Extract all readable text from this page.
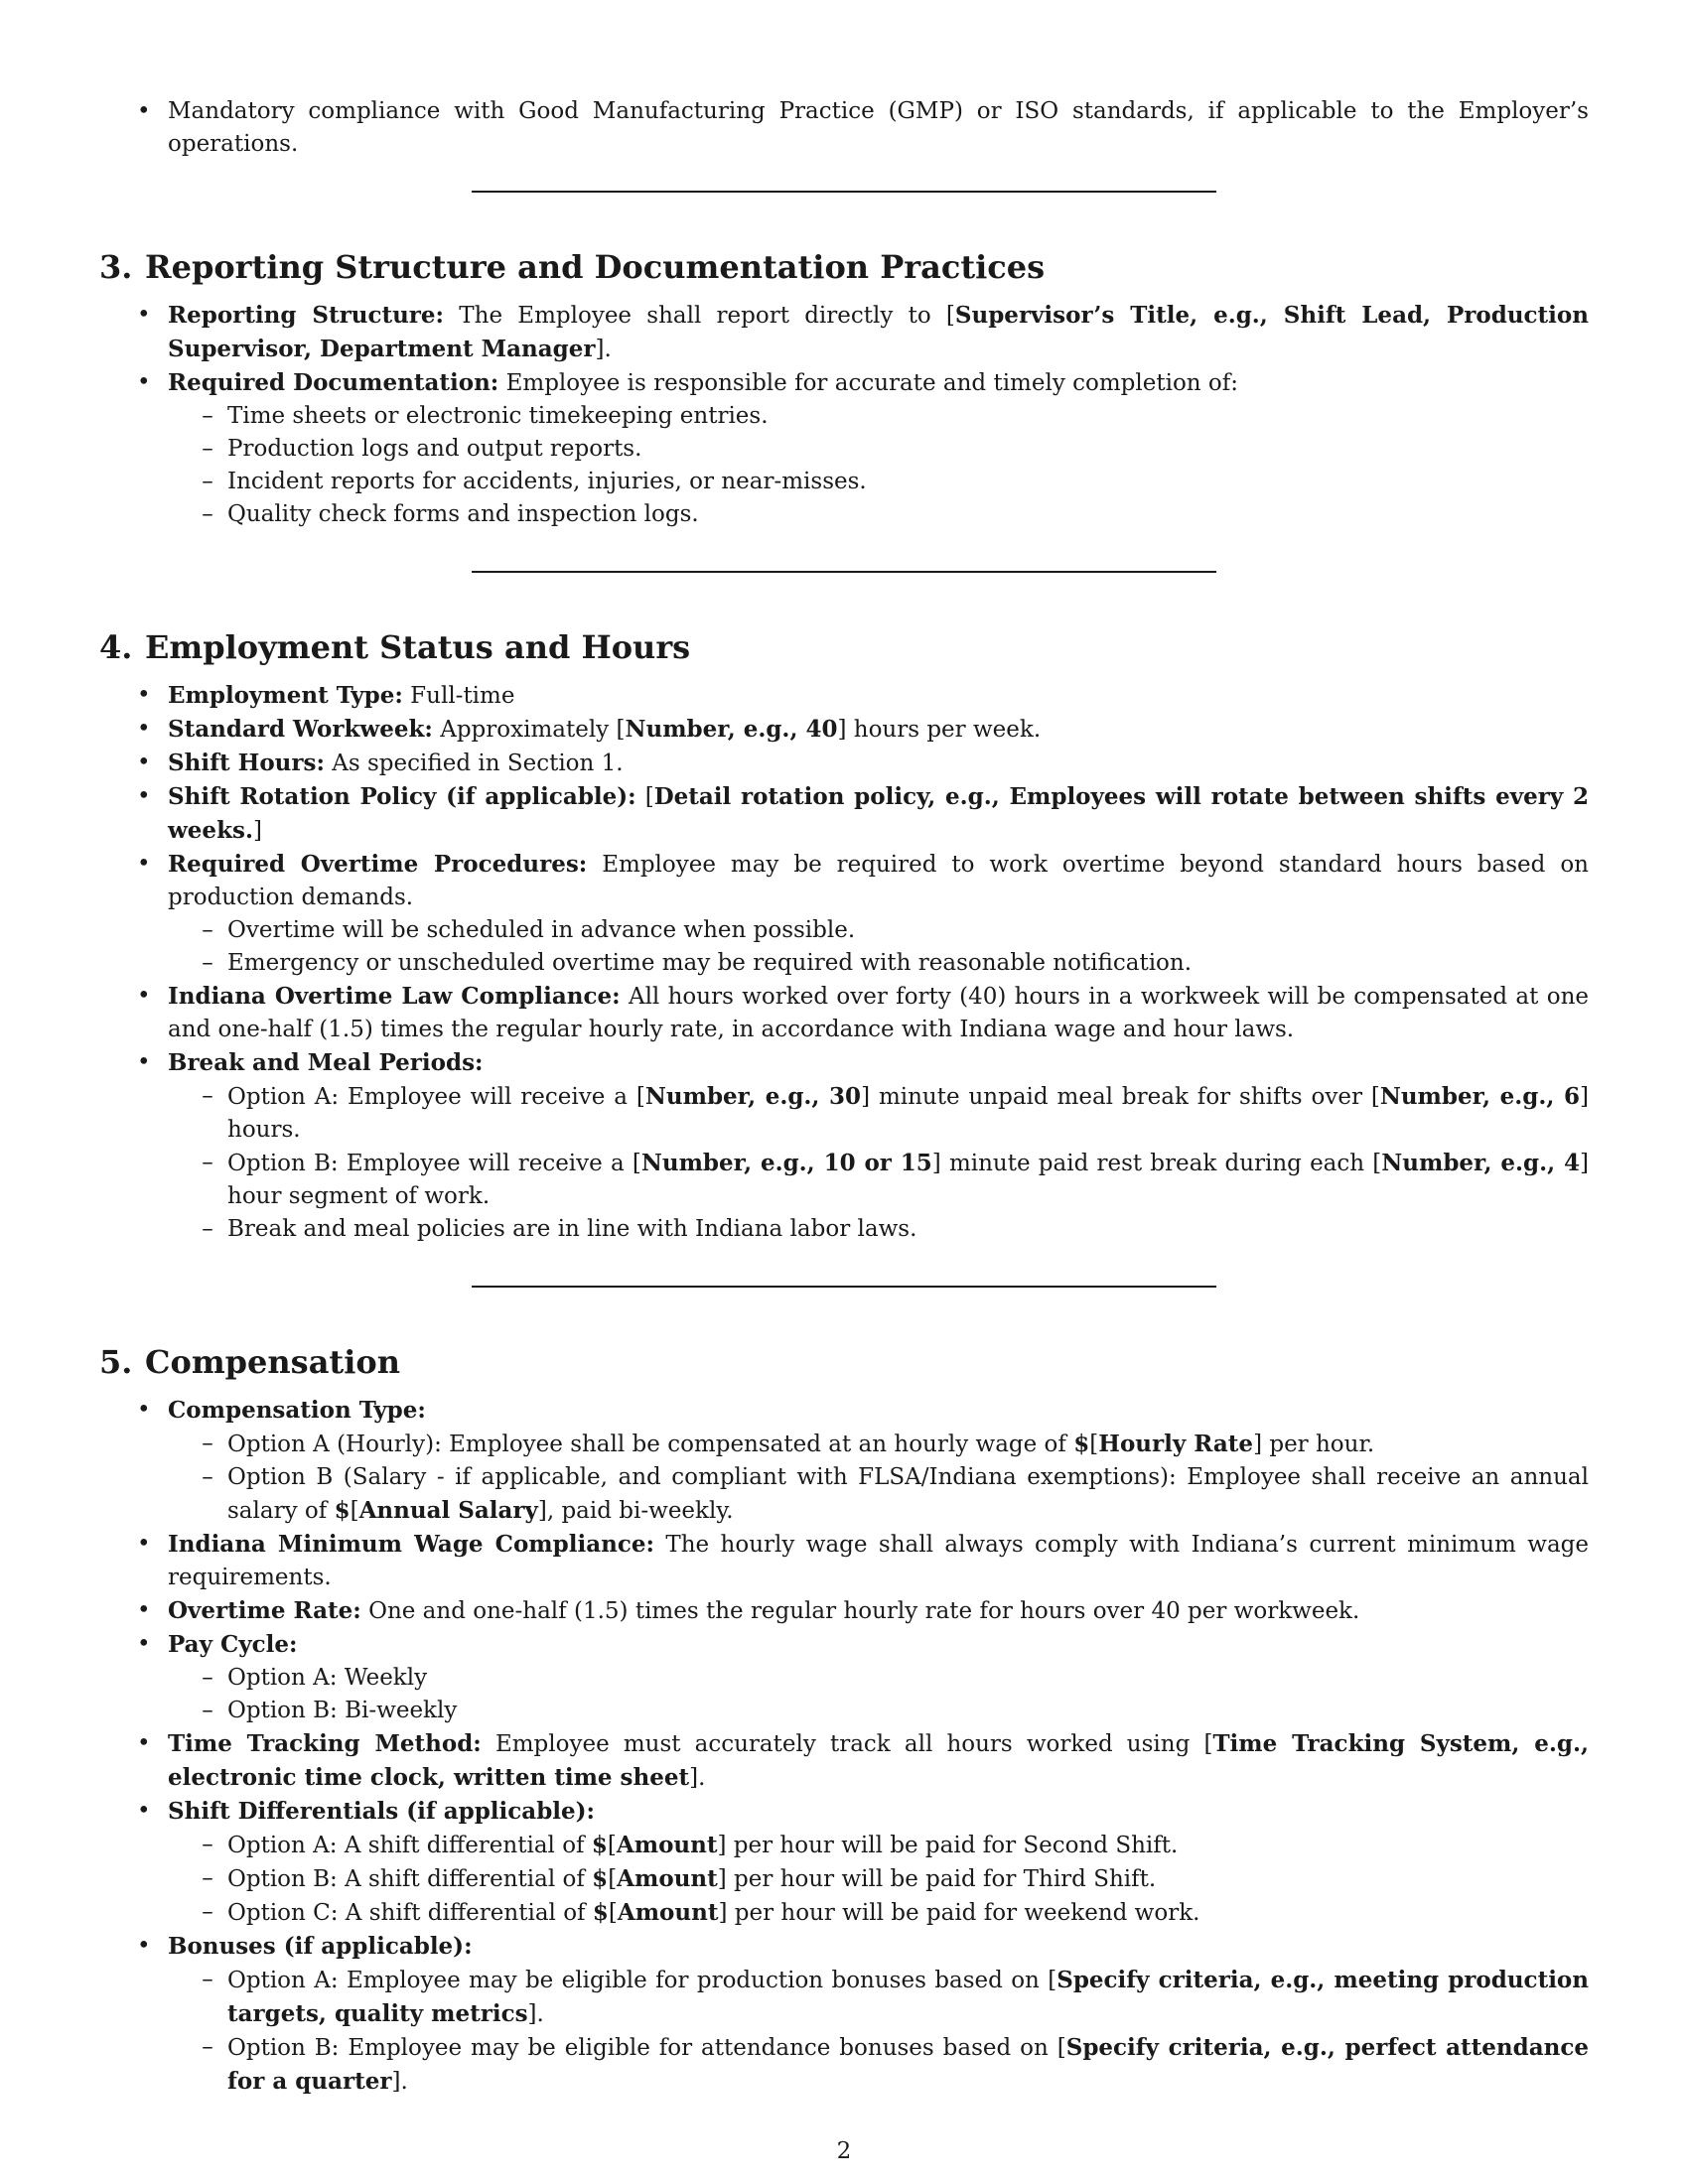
• Mandatory compliance with Good Manufacturing Practice (GMP) or ISO standards, if applicable to the Employer’s operations.
3. Reporting Structure and Documentation Practices
• Reporting Structure: The Employee shall report directly to [Supervisor’s Title, e.g., Shift Lead, Production Supervisor, Department Manager].
• Required Documentation: Employee is responsible for accurate and timely completion of:
– Time sheets or electronic timekeeping entries.
– Production logs and output reports.
– Incident reports for accidents, injuries, or near-misses.
– Quality check forms and inspection logs.
4. Employment Status and Hours
• Employment Type: Full-time
• Standard Workweek: Approximately [Number, e.g., 40] hours per week.
• Shift Hours: As specified in Section 1.
• Shift Rotation Policy (if applicable): [Detail rotation policy, e.g., Employees will rotate between shifts every 2 weeks.]
• Required Overtime Procedures: Employee may be required to work overtime beyond standard hours based on production demands.
– Overtime will be scheduled in advance when possible.
– Emergency or unscheduled overtime may be required with reasonable notification.
• Indiana Overtime Law Compliance: All hours worked over forty (40) hours in a workweek will be compensated at one and one-half (1.5) times the regular hourly rate, in accordance with Indiana wage and hour laws.
• Break and Meal Periods:
– Option A: Employee will receive a [Number, e.g., 30] minute unpaid meal break for shifts over [Number, e.g., 6] hours.
– Option B: Employee will receive a [Number, e.g., 10 or 15] minute paid rest break during each [Number, e.g., 4] hour segment of work.
– Break and meal policies are in line with Indiana labor laws.
5. Compensation
• Compensation Type:
– Option A (Hourly): Employee shall be compensated at an hourly wage of $[Hourly Rate] per hour.
– Option B (Salary - if applicable, and compliant with FLSA/Indiana exemptions): Employee shall receive an annual salary of $[Annual Salary], paid bi-weekly.
• Indiana Minimum Wage Compliance: The hourly wage shall always comply with Indiana’s current minimum wage requirements.
• Overtime Rate: One and one-half (1.5) times the regular hourly rate for hours over 40 per workweek.
• Pay Cycle:
– Option A: Weekly
– Option B: Bi-weekly
• Time Tracking Method: Employee must accurately track all hours worked using [Time Tracking System, e.g., electronic time clock, written time sheet].
• Shift Differentials (if applicable):
– Option A: A shift differential of $[Amount] per hour will be paid for Second Shift.
– Option B: A shift differential of $[Amount] per hour will be paid for Third Shift.
– Option C: A shift differential of $[Amount] per hour will be paid for weekend work.
• Bonuses (if applicable):
– Option A: Employee may be eligible for production bonuses based on [Specify criteria, e.g., meeting production targets, quality metrics].
– Option B: Employee may be eligible for attendance bonuses based on [Specify criteria, e.g., perfect attendance for a quarter].
2
